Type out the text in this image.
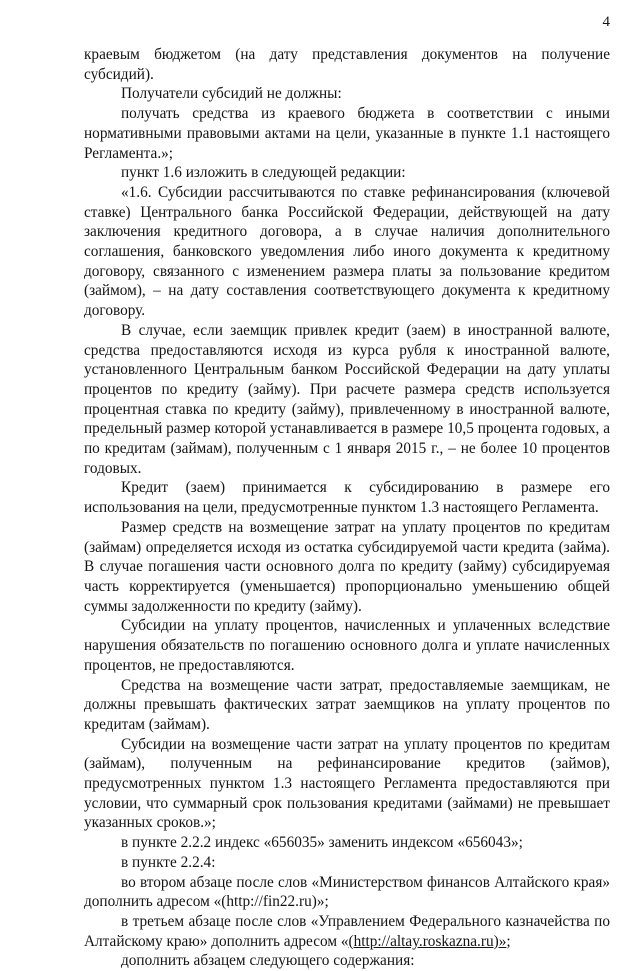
4

краевым бюджетом (на дату представления документов на получение субсидий).

Получатели субсидий не должны:

получать средства из краевого бюджета в соответствии с иными нормативными правовыми актами на цели, указанные в пункте 1.1 настоящего Регламента.»;

пункт 1.6 изложить в следующей редакции:

«1.6. Субсидии рассчитываются по ставке рефинансирования (ключевой ставке) Центрального банка Российской Федерации, действующей на дату заключения кредитного договора, а в случае наличия дополнительного соглашения, банковского уведомления либо иного документа к кредитному договору, связанного с изменением размера платы за пользование кредитом (займом), – на дату составления соответствующего документа к кредитному договору.

В случае, если заемщик привлек кредит (заем) в иностранной валюте, средства предоставляются исходя из курса рубля к иностранной валюте, установленного Центральным банком Российской Федерации на дату уплаты процентов по кредиту (займу). При расчете размера средств используется процентная ставка по кредиту (займу), привлеченному в иностранной валюте, предельный размер которой устанавливается в размере 10,5 процента годовых, а по кредитам (займам), полученным с 1 января 2015 г., – не более 10 процентов годовых.

Кредит (заем) принимается к субсидированию в размере его использования на цели, предусмотренные пунктом 1.3 настоящего Регламента.

Размер средств на возмещение затрат на уплату процентов по кредитам (займам) определяется исходя из остатка субсидируемой части кредита (займа). В случае погашения части основного долга по кредиту (займу) субсидируемая часть корректируется (уменьшается) пропорционально уменьшению общей суммы задолженности по кредиту (займу).

Субсидии на уплату процентов, начисленных и уплаченных вследствие нарушения обязательств по погашению основного долга и уплате начисленных процентов, не предоставляются.

Средства на возмещение части затрат, предоставляемые заемщикам, не должны превышать фактических затрат заемщиков на уплату процентов по кредитам (займам).

Субсидии на возмещение части затрат на уплату процентов по кредитам (займам), полученным на рефинансирование кредитов (займов), предусмотренных пунктом 1.3 настоящего Регламента предоставляются при условии, что суммарный срок пользования кредитами (займами) не превышает указанных сроков.»;

в пункте 2.2.2 индекс «656035» заменить индексом «656043»;

в пункте 2.2.4:

во втором абзаце после слов «Министерством финансов Алтайского края» дополнить адресом «(http://fin22.ru)»;

в третьем абзаце после слов «Управлением Федерального казначейства по Алтайскому краю» дополнить адресом «(http://altay.roskazna.ru)»;

дополнить абзацем следующего содержания:
